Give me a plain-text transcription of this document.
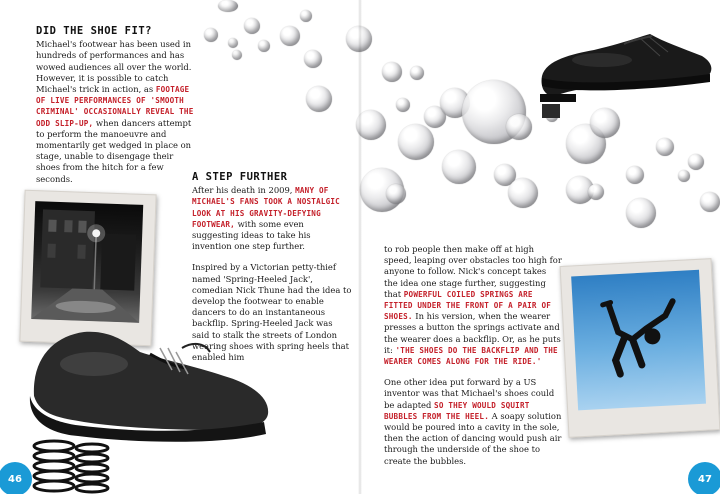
DID THE SHOE FIT?

Michael's footwear has been used in hundreds of performances and has wowed audiences all over the world. However, it is possible to catch Michael's trick in action, as FOOTAGE OF LIVE PERFORMANCES OF 'SMOOTH CRIMINAL' OCCASIONALLY REVEAL THE ODD SLIP-UP, when dancers attempt to perform the manoeuvre and momentarily get wedged in place on stage, unable to disengage their shoes from the hitch for a few seconds.	A STEP FURTHER

After his death in 2009, MANY OF MICHAEL'S FANS TOOK A NOSTALGIC LOOK AT HIS GRAVITY-DEFYING FOOTWEAR, with some even suggesting ideas to take his invention one step further.

Inspired by a Victorian petty-thief named 'Spring-Heeled Jack', comedian Nick Thune had the idea to develop the footwear to enable dancers to do an instantaneous backflip. Spring-Heeled Jack was said to stalk the streets of London wearing shoes with spring heels that enabled him

to rob people then make off at high speed, leaping over obstacles too high for anyone to follow. Nick's concept takes the idea one stage further, suggesting that POWERFUL COILED SPRINGS ARE FITTED UNDER THE FRONT OF A PAIR OF SHOES. In his version, when the wearer presses a button the springs activate and the wearer does a backflip. Or, as he puts it: 'THE SHOES DO THE BACKFLIP AND THE WEARER COMES ALONG FOR THE RIDE.'

One other idea put forward by a US inventor was that Michael's shoes could be adapted SO THEY WOULD SQUIRT BUBBLES FROM THE HEEL. A soapy solution would be poured into a cavity in the sole, then the action of dancing would push air through the underside of the shoe to create the bubbles.

46	47
